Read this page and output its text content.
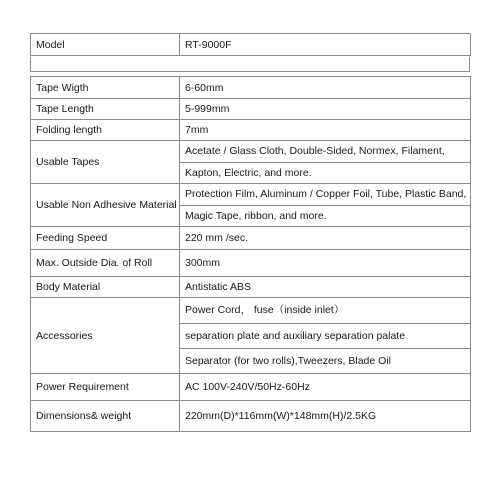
Model	RT-9000F
Tape Wigth	6-60mm
Tape Length	5-999mm
Folding length	7mm
Usable Tapes	Acetate / Glass Cloth, Double-Sided, Normex, Filament,
Kapton, Electric, and more.

Usable Non Adhesive Material	Protection Film, Aluminum / Copper Foil, Tube, Plastic Band,
Magic Tape, ribbon, and more.

Feeding Speed	220 mm /sec.
Max. Outside Dia. of Roll	300mm
Body Material	Antistatic ABS
Accessories	Power Cord， fuse（inside inlet）
separation plate and auxiliary separation palate
Separator (for two rolls),Tweezers, Blade Oil

Power Requirement	AC 100V-240V/50Hz-60Hz
Dimensions& weight	220mm(D)*116mm(W)*148mm(H)/2.5KG
